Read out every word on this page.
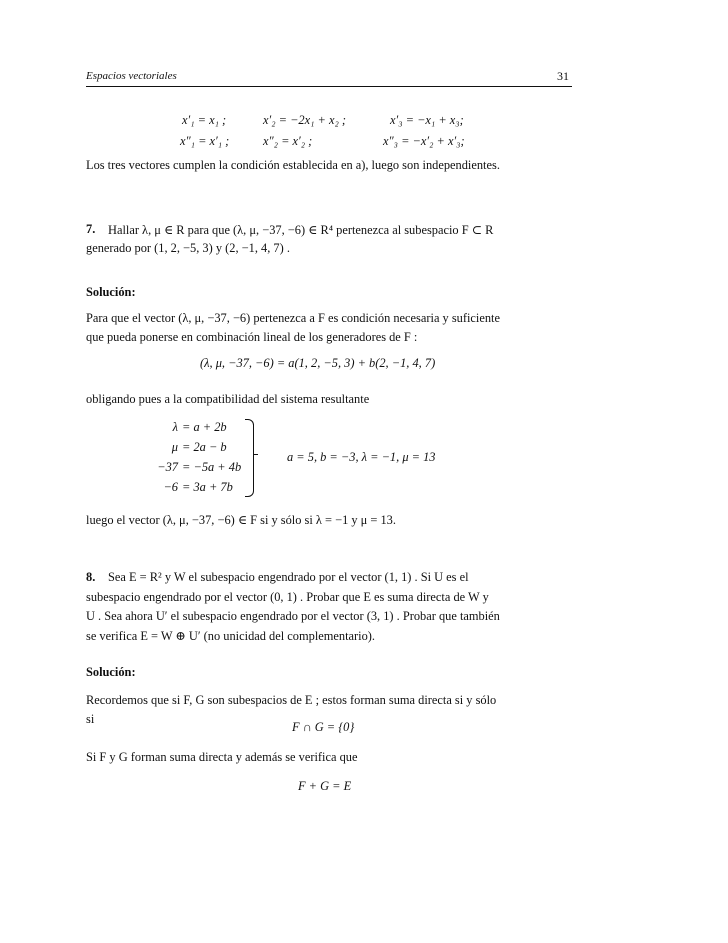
Espacios vectoriales	31
x′₁ = x₁ ;	x′₂ = −2x₁ + x₂ ;	x′₃ = −x₁ + x₃;
x″₁ = x′₁ ;	x″₂ = x′₂ ;	x″₃ = −x′₂ + x′₃;
Los tres vectores cumplen la condición establecida en a), luego son independientes.
7. Hallar λ, μ ∈ R para que (λ, μ, −37, −6) ∈ R⁴ pertenezca al subespacio F ⊂ R
generado por (1, 2, −5, 3) y (2, −1, 4, 7) .
Solución:
Para que el vector (λ, μ, −37, −6) pertenezca a F es condición necesaria y suficiente
que pueda ponerse en combinación lineal de los generadores de F :
(λ, μ, −37, −6) = a(1, 2, −5, 3) + b(2, −1, 4, 7)
obligando pues a la compatibilidad del sistema resultante
λ = a + 2b
μ = 2a − b
−37 = −5a + 4b
−6 = 3a + 7b
a = 5, b = −3, λ = −1, μ = 13
luego el vector (λ, μ, −37, −6) ∈ F si y sólo si λ = −1 y μ = 13.
8. Sea E = R² y W el subespacio engendrado por el vector (1, 1) . Si U es el
subespacio engendrado por el vector (0, 1) . Probar que E es suma directa de W y
U . Sea ahora U′ el subespacio engendrado por el vector (3, 1) . Probar que también
se verifica E = W ⊕ U′ (no unicidad del complementario).
Solución:
Recordemos que si F, G son subespacios de E ; estos forman suma directa si y sólo
si
F ∩ G = {0}
Si F y G forman suma directa y además se verifica que
F + G = E
